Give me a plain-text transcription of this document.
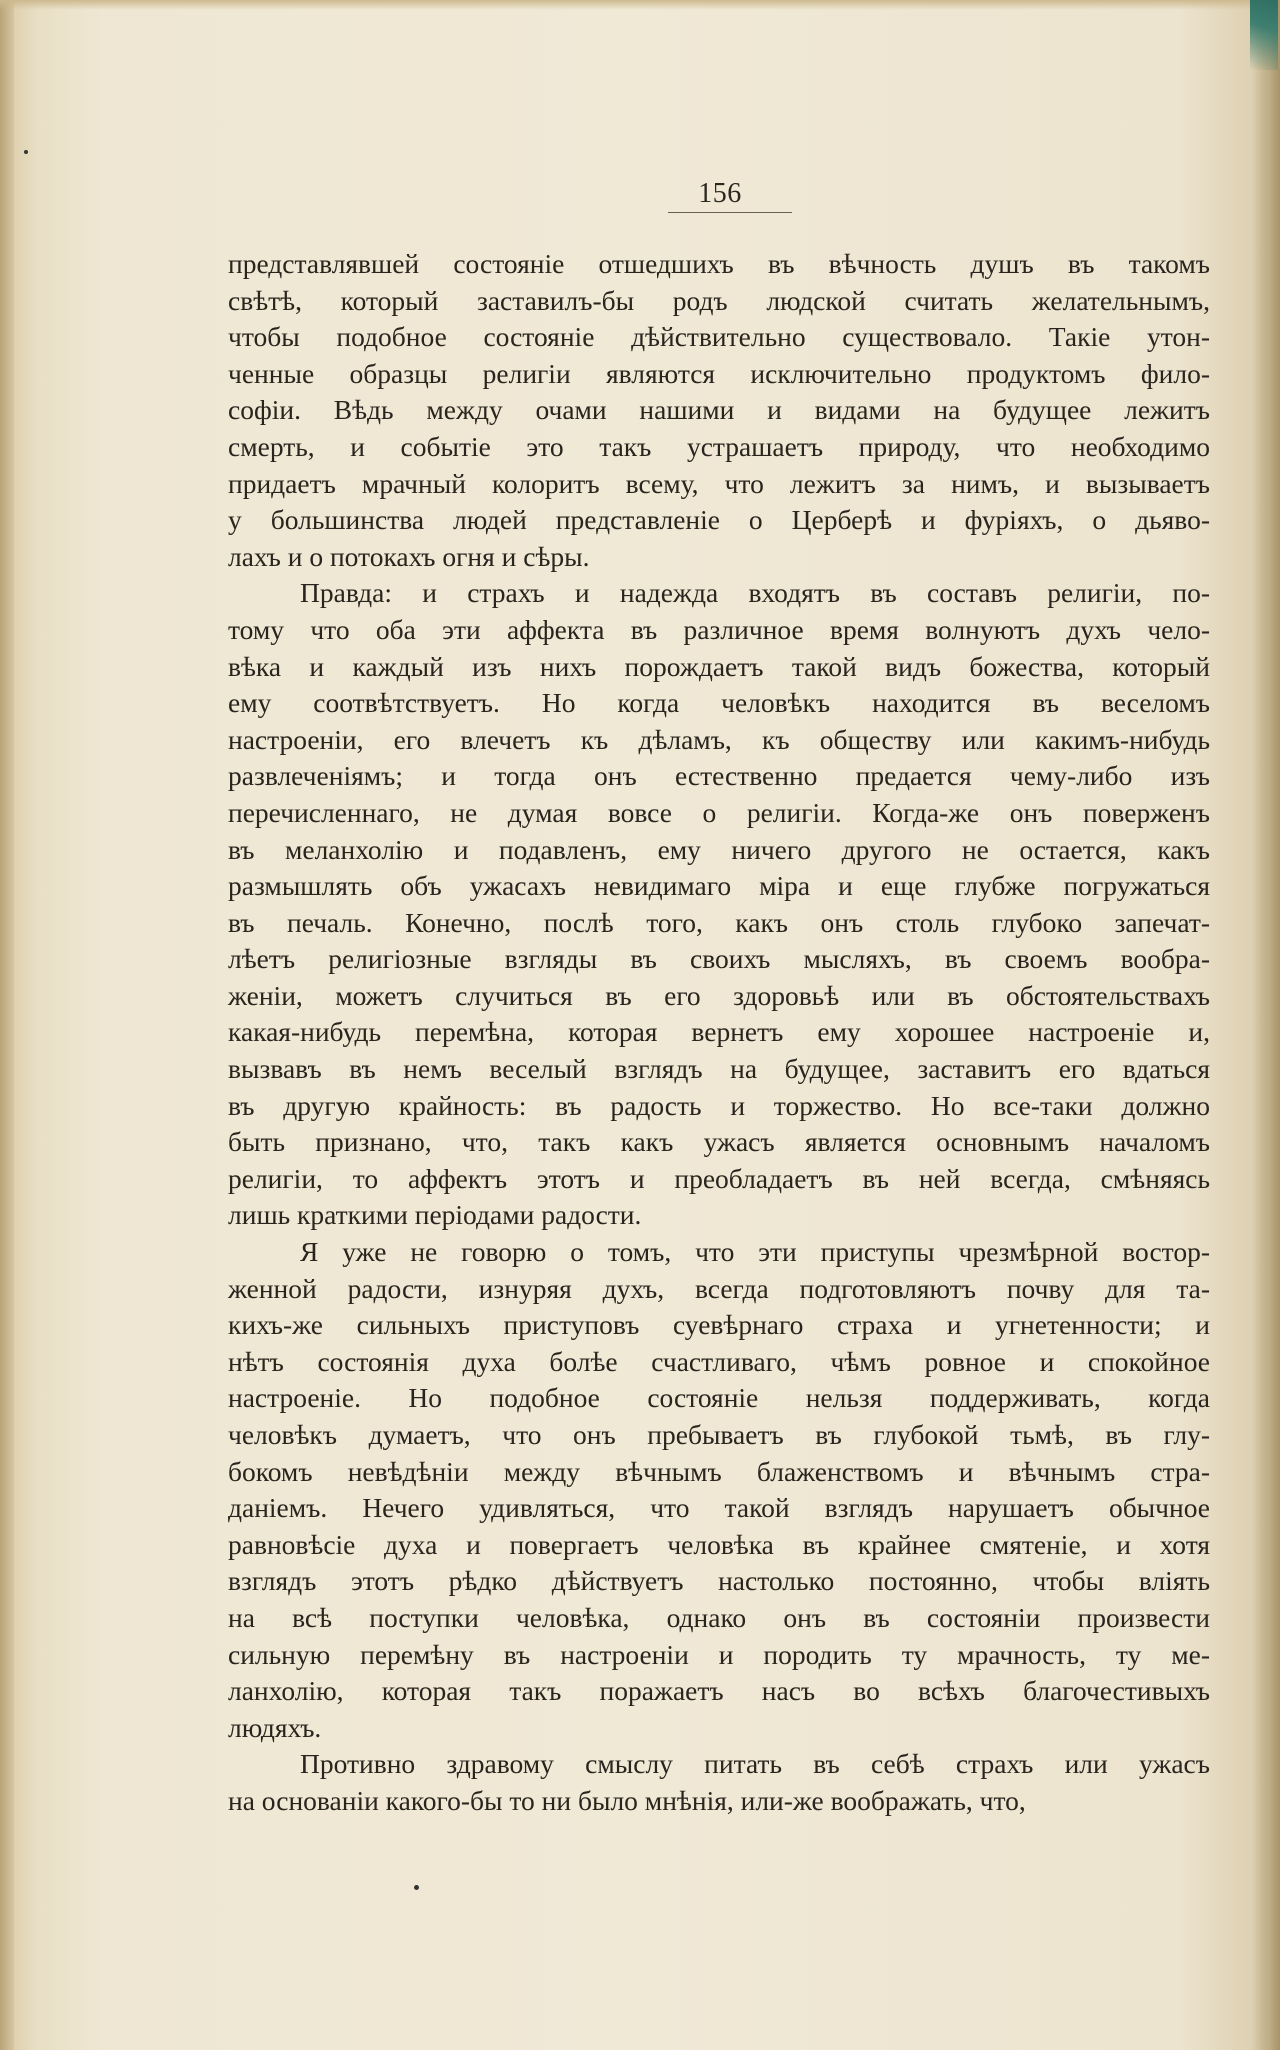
156

представлявшей состояніе отшедшихъ въ вѣчность душъ въ такомъ
свѣтѣ, который заставилъ-бы родъ людской считать желательнымъ,
чтобы подобное состояніе дѣйствительно существовало. Такіе утон-
ченные образцы религіи являются исключительно продуктомъ фило-
софіи. Вѣдь между очами нашими и видами на будущее лежитъ
смерть, и событіе это такъ устрашаетъ природу, что необходимо
придаетъ мрачный колоритъ всему, что лежитъ за нимъ, и вызываетъ
у большинства людей представленіе о Церберѣ и фуріяхъ, о дьяво-
лахъ и о потокахъ огня и сѣры.

Правда: и страхъ и надежда входятъ въ составъ религіи, по-
тому что оба эти аффекта въ различное время волнуютъ духъ чело-
вѣка и каждый изъ нихъ порождаетъ такой видъ божества, который
ему соотвѣтствуетъ. Но когда человѣкъ находится въ веселомъ
настроеніи, его влечетъ къ дѣламъ, къ обществу или какимъ-нибудь
развлеченіямъ; и тогда онъ естественно предается чему-либо изъ
перечисленнаго, не думая вовсе о религіи. Когда-же онъ поверженъ
въ меланхолію и подавленъ, ему ничего другого не остается, какъ
размышлять объ ужасахъ невидимаго міра и еще глубже погружаться
въ печаль. Конечно, послѣ того, какъ онъ столь глубоко запечат-
лѣетъ религіозные взгляды въ своихъ мысляхъ, въ своемъ вообра-
женіи, можетъ случиться въ его здоровьѣ или въ обстоятельствахъ
какая-нибудь перемѣна, которая вернетъ ему хорошее настроеніе и,
вызвавъ въ немъ веселый взглядъ на будущее, заставитъ его вдаться
въ другую крайность: въ радость и торжество. Но все-таки должно
быть признано, что, такъ какъ ужасъ является основнымъ началомъ
религіи, то аффектъ этотъ и преобладаетъ въ ней всегда, смѣняясь
лишь краткими періодами радости.

Я уже не говорю о томъ, что эти приступы чрезмѣрной востор-
женной радости, изнуряя духъ, всегда подготовляютъ почву для та-
кихъ-же сильныхъ приступовъ суевѣрнаго страха и угнетенности; и
нѣтъ состоянія духа болѣе счастливаго, чѣмъ ровное и спокойное
настроеніе. Но подобное состояніе нельзя поддерживать, когда
человѣкъ думаетъ, что онъ пребываетъ въ глубокой тьмѣ, въ глу-
бокомъ невѣдѣніи между вѣчнымъ блаженствомъ и вѣчнымъ стра-
даніемъ. Нечего удивляться, что такой взглядъ нарушаетъ обычное
равновѣсіе духа и повергаетъ человѣка въ крайнее смятеніе, и хотя
взглядъ этотъ рѣдко дѣйствуетъ настолько постоянно, чтобы вліять
на всѣ поступки человѣка, однако онъ въ состояніи произвести
сильную перемѣну въ настроеніи и породить ту мрачность, ту ме-
ланхолію, которая такъ поражаетъ насъ во всѣхъ благочестивыхъ
людяхъ.

Противно здравому смыслу питать въ себѣ страхъ или ужасъ
на основаніи какого-бы то ни было мнѣнія, или-же воображать, что,
